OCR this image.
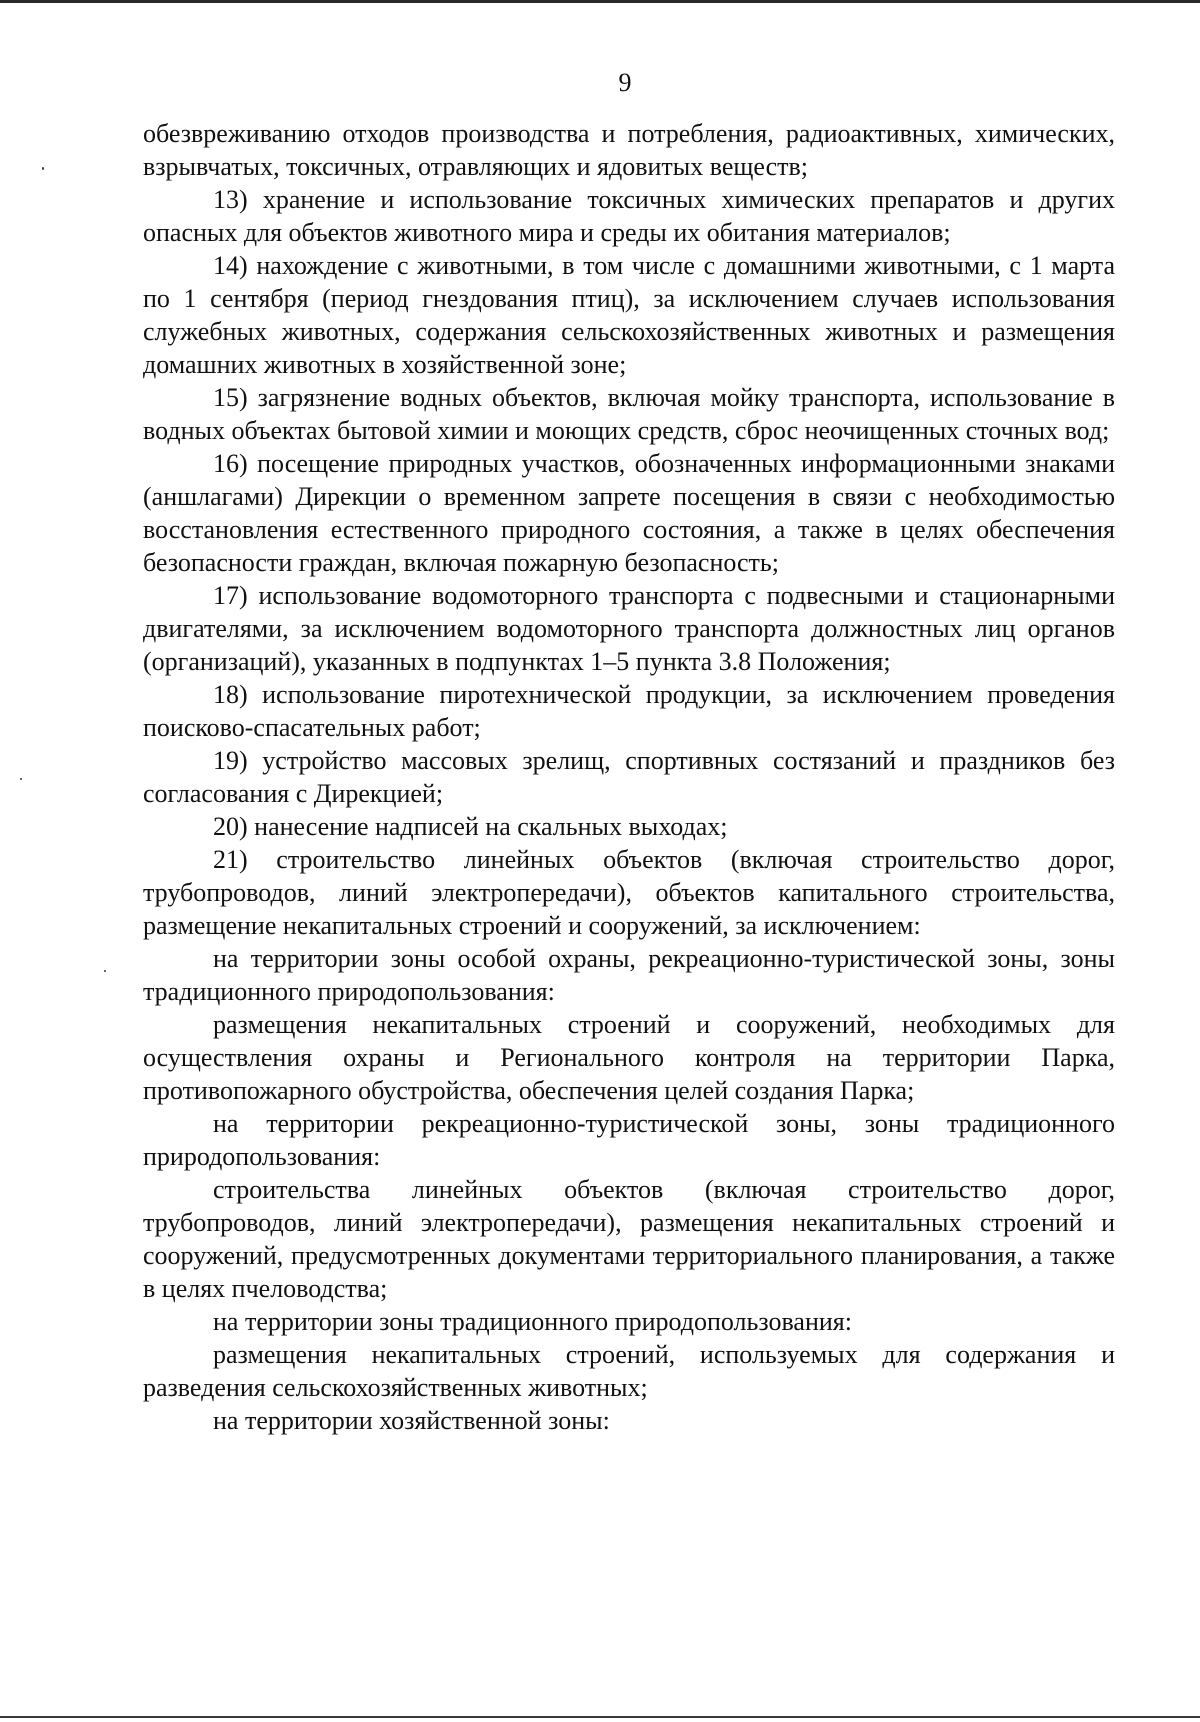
9

обезвреживанию отходов производства и потребления, радиоактивных, химических, взрывчатых, токсичных, отравляющих и ядовитых веществ;

13) хранение и использование токсичных химических препаратов и других опасных для объектов животного мира и среды их обитания материалов;

14) нахождение с животными, в том числе с домашними животными, с 1 марта по 1 сентября (период гнездования птиц), за исключением случаев использования служебных животных, содержания сельскохозяйственных животных и размещения домашних животных в хозяйственной зоне;

15) загрязнение водных объектов, включая мойку транспорта, использование в водных объектах бытовой химии и моющих средств, сброс неочищенных сточных вод;

16) посещение природных участков, обозначенных информационными знаками (аншлагами) Дирекции о временном запрете посещения в связи с необходимостью восстановления естественного природного состояния, а также в целях обеспечения безопасности граждан, включая пожарную безопасность;

17) использование водомоторного транспорта с подвесными и стационарными двигателями, за исключением водомоторного транспорта должностных лиц органов (организаций), указанных в подпунктах 1–5 пункта 3.8 Положения;

18) использование пиротехнической продукции, за исключением проведения поисково-спасательных работ;

19) устройство массовых зрелищ, спортивных состязаний и праздников без согласования с Дирекцией;

20) нанесение надписей на скальных выходах;

21) строительство линейных объектов (включая строительство дорог, трубопроводов, линий электропередачи), объектов капитального строительства, размещение некапитальных строений и сооружений, за исключением:

на территории зоны особой охраны, рекреационно-туристической зоны, зоны традиционного природопользования:

размещения некапитальных строений и сооружений, необходимых для осуществления охраны и Регионального контроля на территории Парка, противопожарного обустройства, обеспечения целей создания Парка;

на территории рекреационно-туристической зоны, зоны традиционного природопользования:

строительства линейных объектов (включая строительство дорог, трубопроводов, линий электропередачи), размещения некапитальных строений и сооружений, предусмотренных документами территориального планирования, а также в целях пчеловодства;

на территории зоны традиционного природопользования:

размещения некапитальных строений, используемых для содержания и разведения сельскохозяйственных животных;

на территории хозяйственной зоны:
